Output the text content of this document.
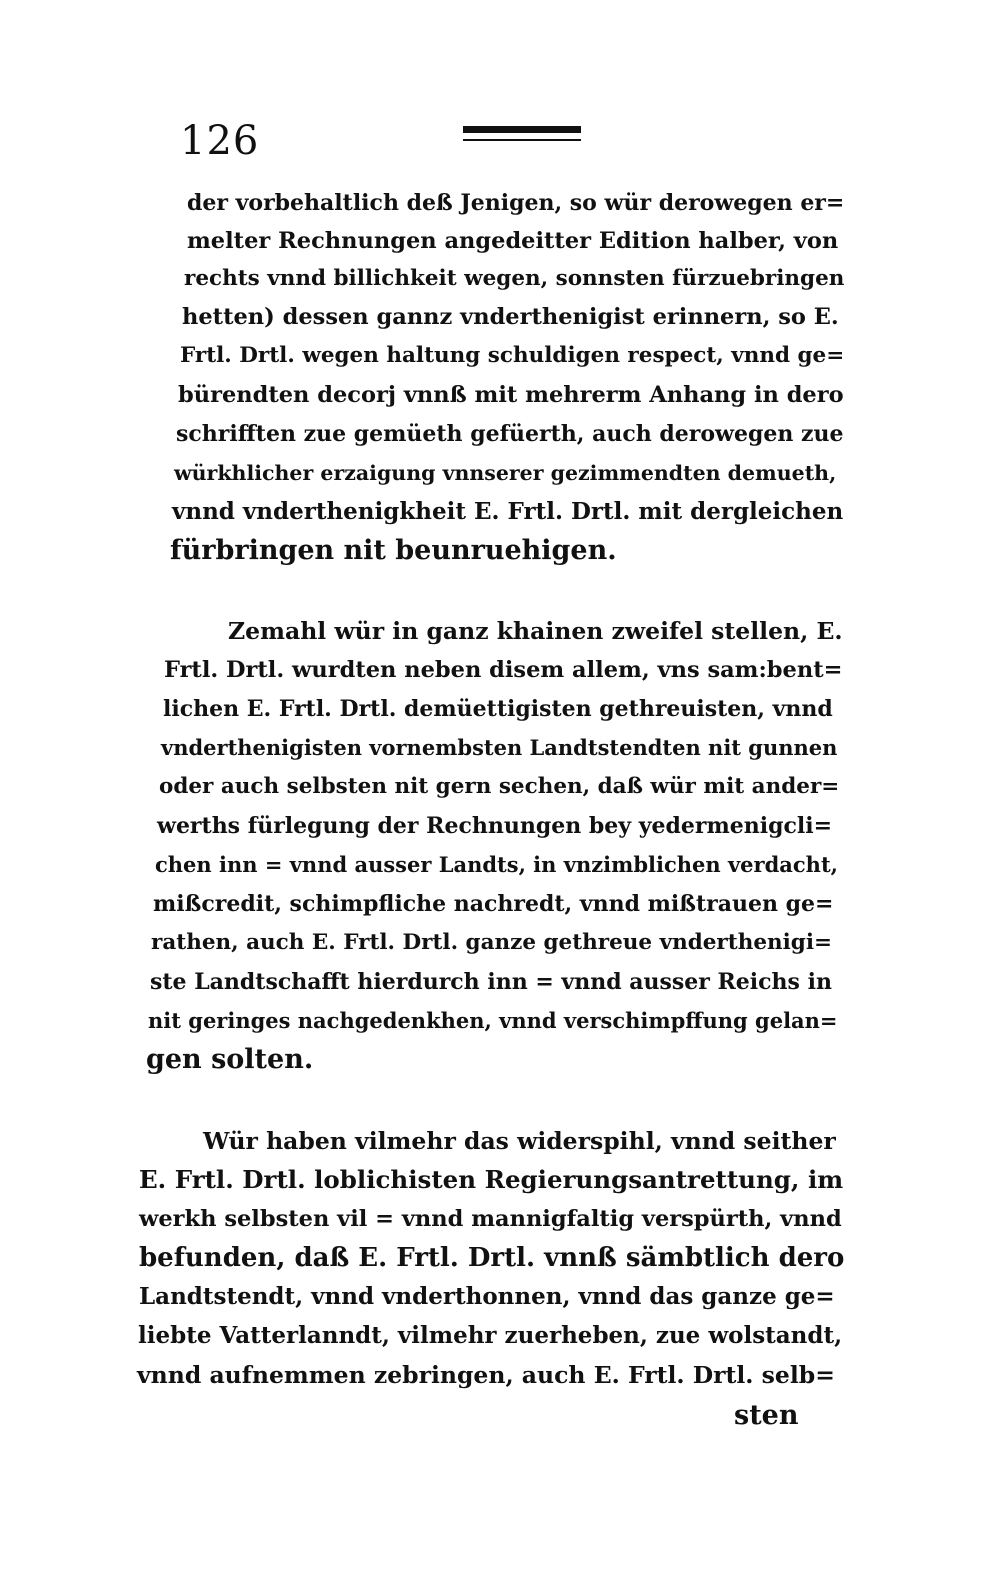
126
der vorbehaltlich deß Jenigen, so wür derowegen er=
melter Rechnungen angedeitter Edition halber, von
rechts vnnd billichkeit wegen, sonnsten fürzuebringen
hetten) dessen gannz vnderthenigist erinnern, so E.
Frtl. Drtl. wegen haltung schuldigen respect, vnnd ge=
bürendten decorj vnnß mit mehrerm Anhang in dero
schrifften zue gemüeth gefüerth, auch derowegen zue
würkhlicher erzaigung vnnserer gezimmendten demueth,
vnnd vnderthenigkheit E. Frtl. Drtl. mit dergleichen
fürbringen nit beunruehigen.
Zemahl wür in ganz khainen zweifel stellen, E.
Frtl. Drtl. wurdten neben disem allem, vns sam:bent=
lichen E. Frtl. Drtl. demüettigisten gethreuisten, vnnd
vnderthenigisten vornembsten Landtstendten nit gunnen
oder auch selbsten nit gern sechen, daß wür mit ander=
werths fürlegung der Rechnungen bey yedermenigcli=
chen inn = vnnd ausser Landts, in vnzimblichen verdacht,
mißcredit, schimpfliche nachredt, vnnd mißtrauen ge=
rathen, auch E. Frtl. Drtl. ganze gethreue vnderthenigi=
ste Landtschafft hierdurch inn = vnnd ausser Reichs in
nit geringes nachgedenkhen, vnnd verschimpffung gelan=
gen solten.
Wür haben vilmehr das widerspihl, vnnd seither
E. Frtl. Drtl. loblichisten Regierungsantrettung, im
werkh selbsten vil = vnnd mannigfaltig verspürth, vnnd
befunden, daß E. Frtl. Drtl. vnnß sämbtlich dero
Landtstendt, vnnd vnderthonnen, vnnd das ganze ge=
liebte Vatterlanndt, vilmehr zuerheben, zue wolstandt,
vnnd aufnemmen zebringen, auch E. Frtl. Drtl. selb=
sten
